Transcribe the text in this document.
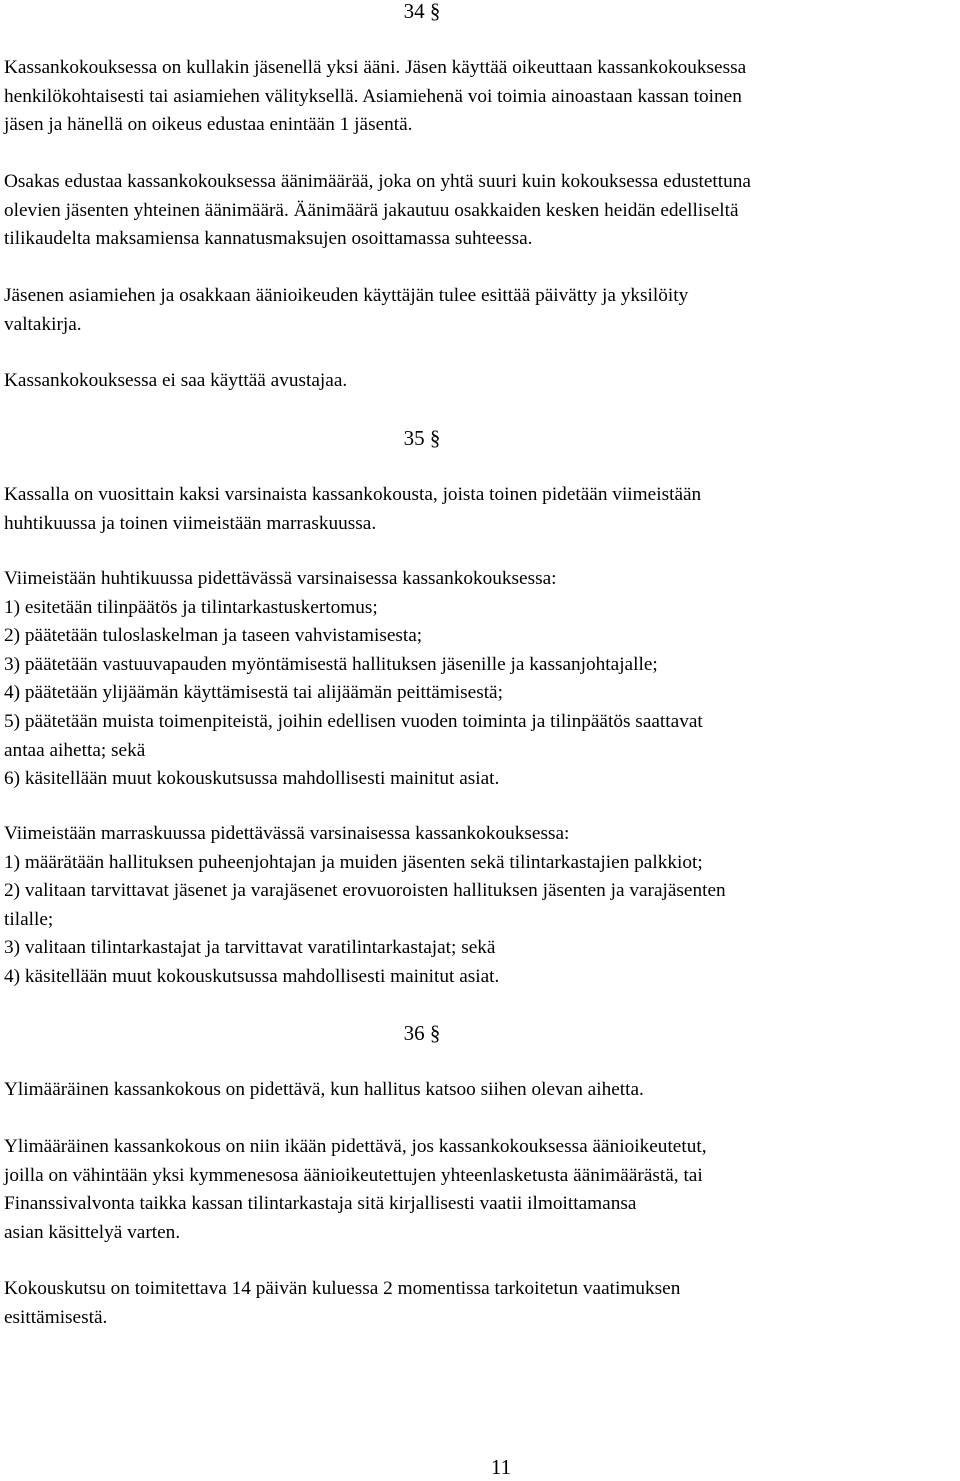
34 §
Kassankokouksessa on kullakin jäsenellä yksi ääni. Jäsen käyttää oikeuttaan kassankokouksessa
henkilökohtaisesti tai asiamiehen välityksellä. Asiamiehenä voi toimia ainoastaan kassan toinen
jäsen ja hänellä on oikeus edustaa enintään 1 jäsentä.
Osakas edustaa kassankokouksessa äänimäärää, joka on yhtä suuri kuin kokouksessa edustettuna
olevien jäsenten yhteinen äänimäärä. Äänimäärä jakautuu osakkaiden kesken heidän edelliseltä
tilikaudelta maksamiensa kannatusmaksujen osoittamassa suhteessa.
Jäsenen asiamiehen ja osakkaan äänioikeuden käyttäjän tulee esittää päivätty ja yksilöity
valtakirja.
Kassankokouksessa ei saa käyttää avustajaa.
35 §
Kassalla on vuosittain kaksi varsinaista kassankokousta, joista toinen pidetään viimeistään
huhtikuussa ja toinen viimeistään marraskuussa.
Viimeistään huhtikuussa pidettävässä varsinaisessa kassankokouksessa:
1) esitetään tilinpäätös ja tilintarkastuskertomus;
2) päätetään tuloslaskelman ja taseen vahvistamisesta;
3) päätetään vastuuvapauden myöntämisestä hallituksen jäsenille ja kassanjohtajalle;
4) päätetään ylijäämän käyttämisestä tai alijäämän peittämisestä;
5) päätetään muista toimenpiteistä, joihin edellisen vuoden toiminta ja tilinpäätös saattavat
antaa aihetta; sekä
6) käsitellään muut kokouskutsussa mahdollisesti mainitut asiat.
Viimeistään marraskuussa pidettävässä varsinaisessa kassankokouksessa:
1) määrätään hallituksen puheenjohtajan ja muiden jäsenten sekä tilintarkastajien palkkiot;
2) valitaan tarvittavat jäsenet ja varajäsenet erovuoroisten hallituksen jäsenten ja varajäsenten
tilalle;
3) valitaan tilintarkastajat ja tarvittavat varatilintarkastajat; sekä
4) käsitellään muut kokouskutsussa mahdollisesti mainitut asiat.
36 §
Ylimääräinen kassankokous on pidettävä, kun hallitus katsoo siihen olevan aihetta.
Ylimääräinen kassankokous on niin ikään pidettävä, jos kassankokouksessa äänioikeutetut,
joilla on vähintään yksi kymmenesosa äänioikeutettujen yhteenlasketusta äänimäärästä, tai
Finanssivalvonta taikka kassan tilintarkastaja sitä kirjallisesti vaatii ilmoittamansa
asian käsittelyä varten.
Kokouskutsu on toimitettava 14 päivän kuluessa 2 momentissa tarkoitetun vaatimuksen
esittämisestä.
11
